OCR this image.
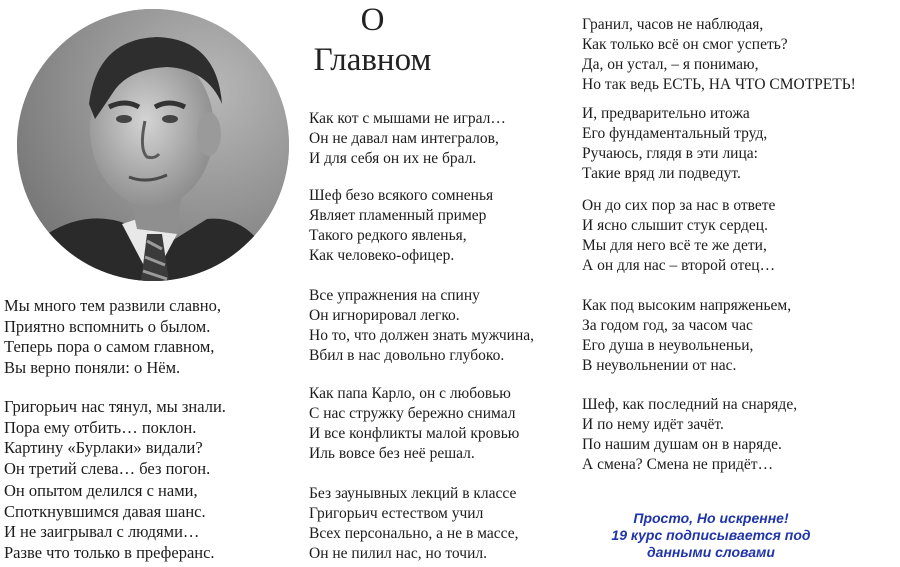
О
Главном
Мы много тем развили славно,
Приятно вспомнить о былом.
Теперь пора о самом главном,
Вы верно поняли: о Нём.
Григорьич нас тянул, мы знали.
Пора ему отбить… поклон.
Картину «Бурлаки» видали?
Он третий слева… без погон.
Он опытом делился с нами,
Споткнувшимся давая шанс.
И не заигрывал с людями…
Разве что только в преферанс.
Как кот с мышами не играл…
Он не давал нам интегралов,
И для себя он их не брал.
Шеф безо всякого сомненья
Являет пламенный пример
Такого редкого явленья,
Как человеко-офицер.
Все упражнения на спину
Он игнорировал легко.
Но то, что должен знать мужчина,
Вбил в нас довольно глубоко.
Как папа Карло, он с любовью
С нас стружку бережно снимал
И все конфликты малой кровью
Иль вовсе без неё решал.
Без заунывных лекций в классе
Григорьич естеством учил
Всех персонально, а не в массе,
Он не пилил нас, но точил.
Гранил, часов не наблюдая,
Как только всё он смог успеть?
Да, он устал, – я понимаю,
Но так ведь ЕСТЬ, НА ЧТО СМОТРЕТЬ!
И, предварительно итожа
Его фундаментальный труд,
Ручаюсь, глядя в эти лица:
Такие вряд ли подведут.
Он до сих пор за нас в ответе
И ясно слышит стук сердец.
Мы для него всё те же дети,
А он для нас – второй отец…
Как под высоким напряженьем,
За годом год, за часом час
Его душа в неувольненьи,
В неувольнении от нас.
Шеф, как последний на снаряде,
И по нему идёт зачёт.
По нашим душам он в наряде.
А смена? Смена не придёт…
Просто, Но искренне!
19 курс подписывается под
данными словами
